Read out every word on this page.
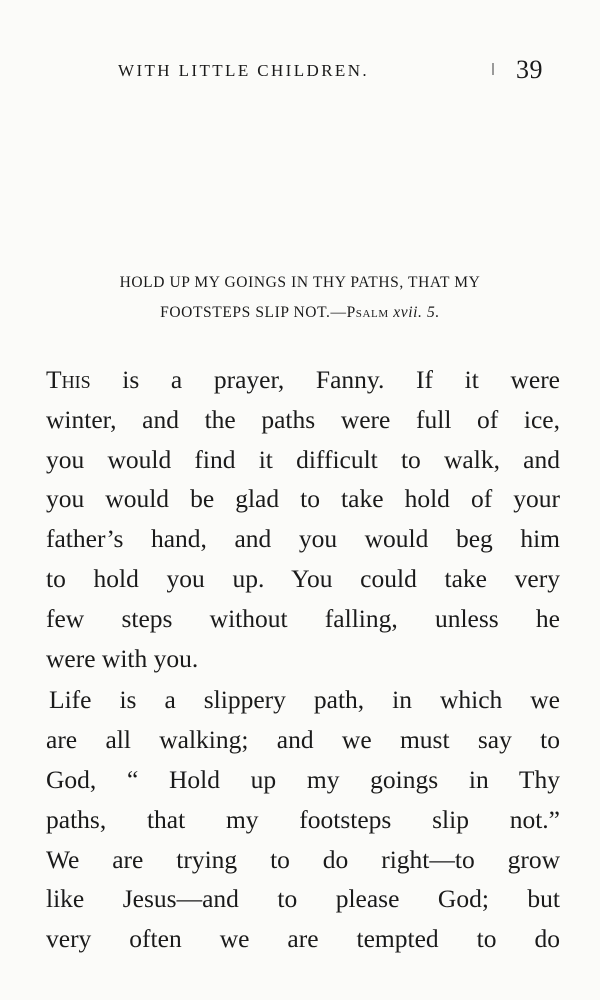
WITH LITTLE CHILDREN.	39
HOLD UP MY GOINGS IN THY PATHS, THAT MY
FOOTSTEPS SLIP NOT.—Psalm xvii. 5.

This is a prayer, Fanny. If it were
winter, and the paths were full of ice,
you would find it difficult to walk, and
you would be glad to take hold of your
father’s hand, and you would beg him
to hold you up. You could take very
few steps without falling, unless he
were with you.

Life is a slippery path, in which we
are all walking; and we must say to
God, “ Hold up my goings in Thy
paths, that my footsteps slip not.”
We are trying to do right—to grow
like Jesus—and to please God; but
very often we are tempted to do
